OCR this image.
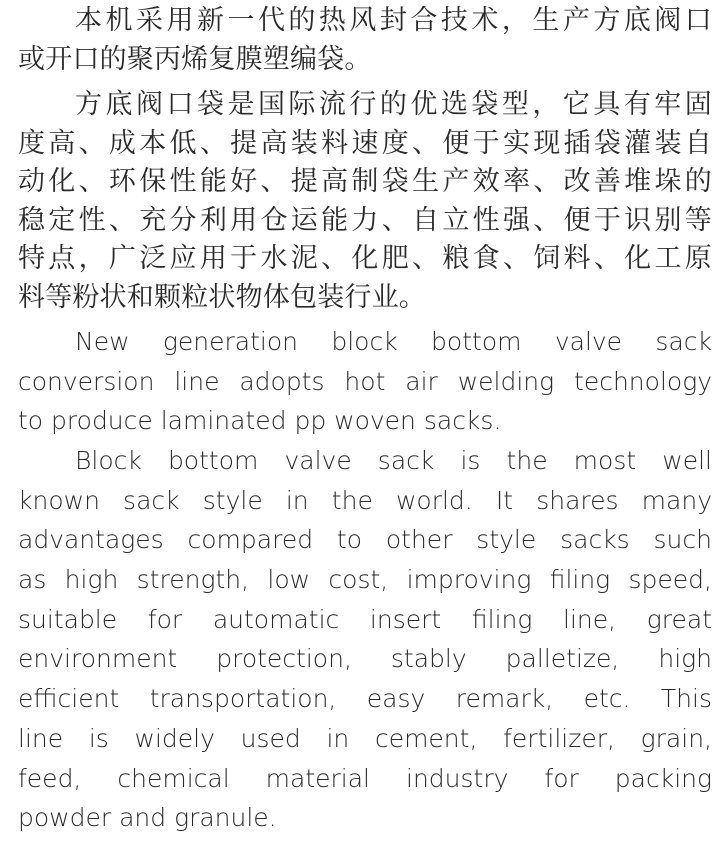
本机采用新一代的热风封合技术，生产方底阀口
或开口的聚丙烯复膜塑编袋。
方底阀口袋是国际流行的优选袋型，它具有牢固
度高、成本低、提高装料速度、便于实现插袋灌装自
动化、环保性能好、提高制袋生产效率、改善堆垛的
稳定性、充分利用仓运能力、自立性强、便于识别等
特点，广泛应用于水泥、化肥、粮食、饲料、化工原
料等粉状和颗粒状物体包装行业。
New generation block bottom valve sack
conversion line adopts hot air welding technology
to produce laminated pp woven sacks.
Block bottom valve sack is the most well
known sack style in the world. It shares many
advantages compared to other style sacks such
as high strength, low cost, improving filing speed,
suitable for automatic insert filing line, great
environment protection, stably palletize, high
efficient transportation, easy remark, etc. This
line is widely used in cement, fertilizer, grain,
feed, chemical material industry for packing
powder and granule.
